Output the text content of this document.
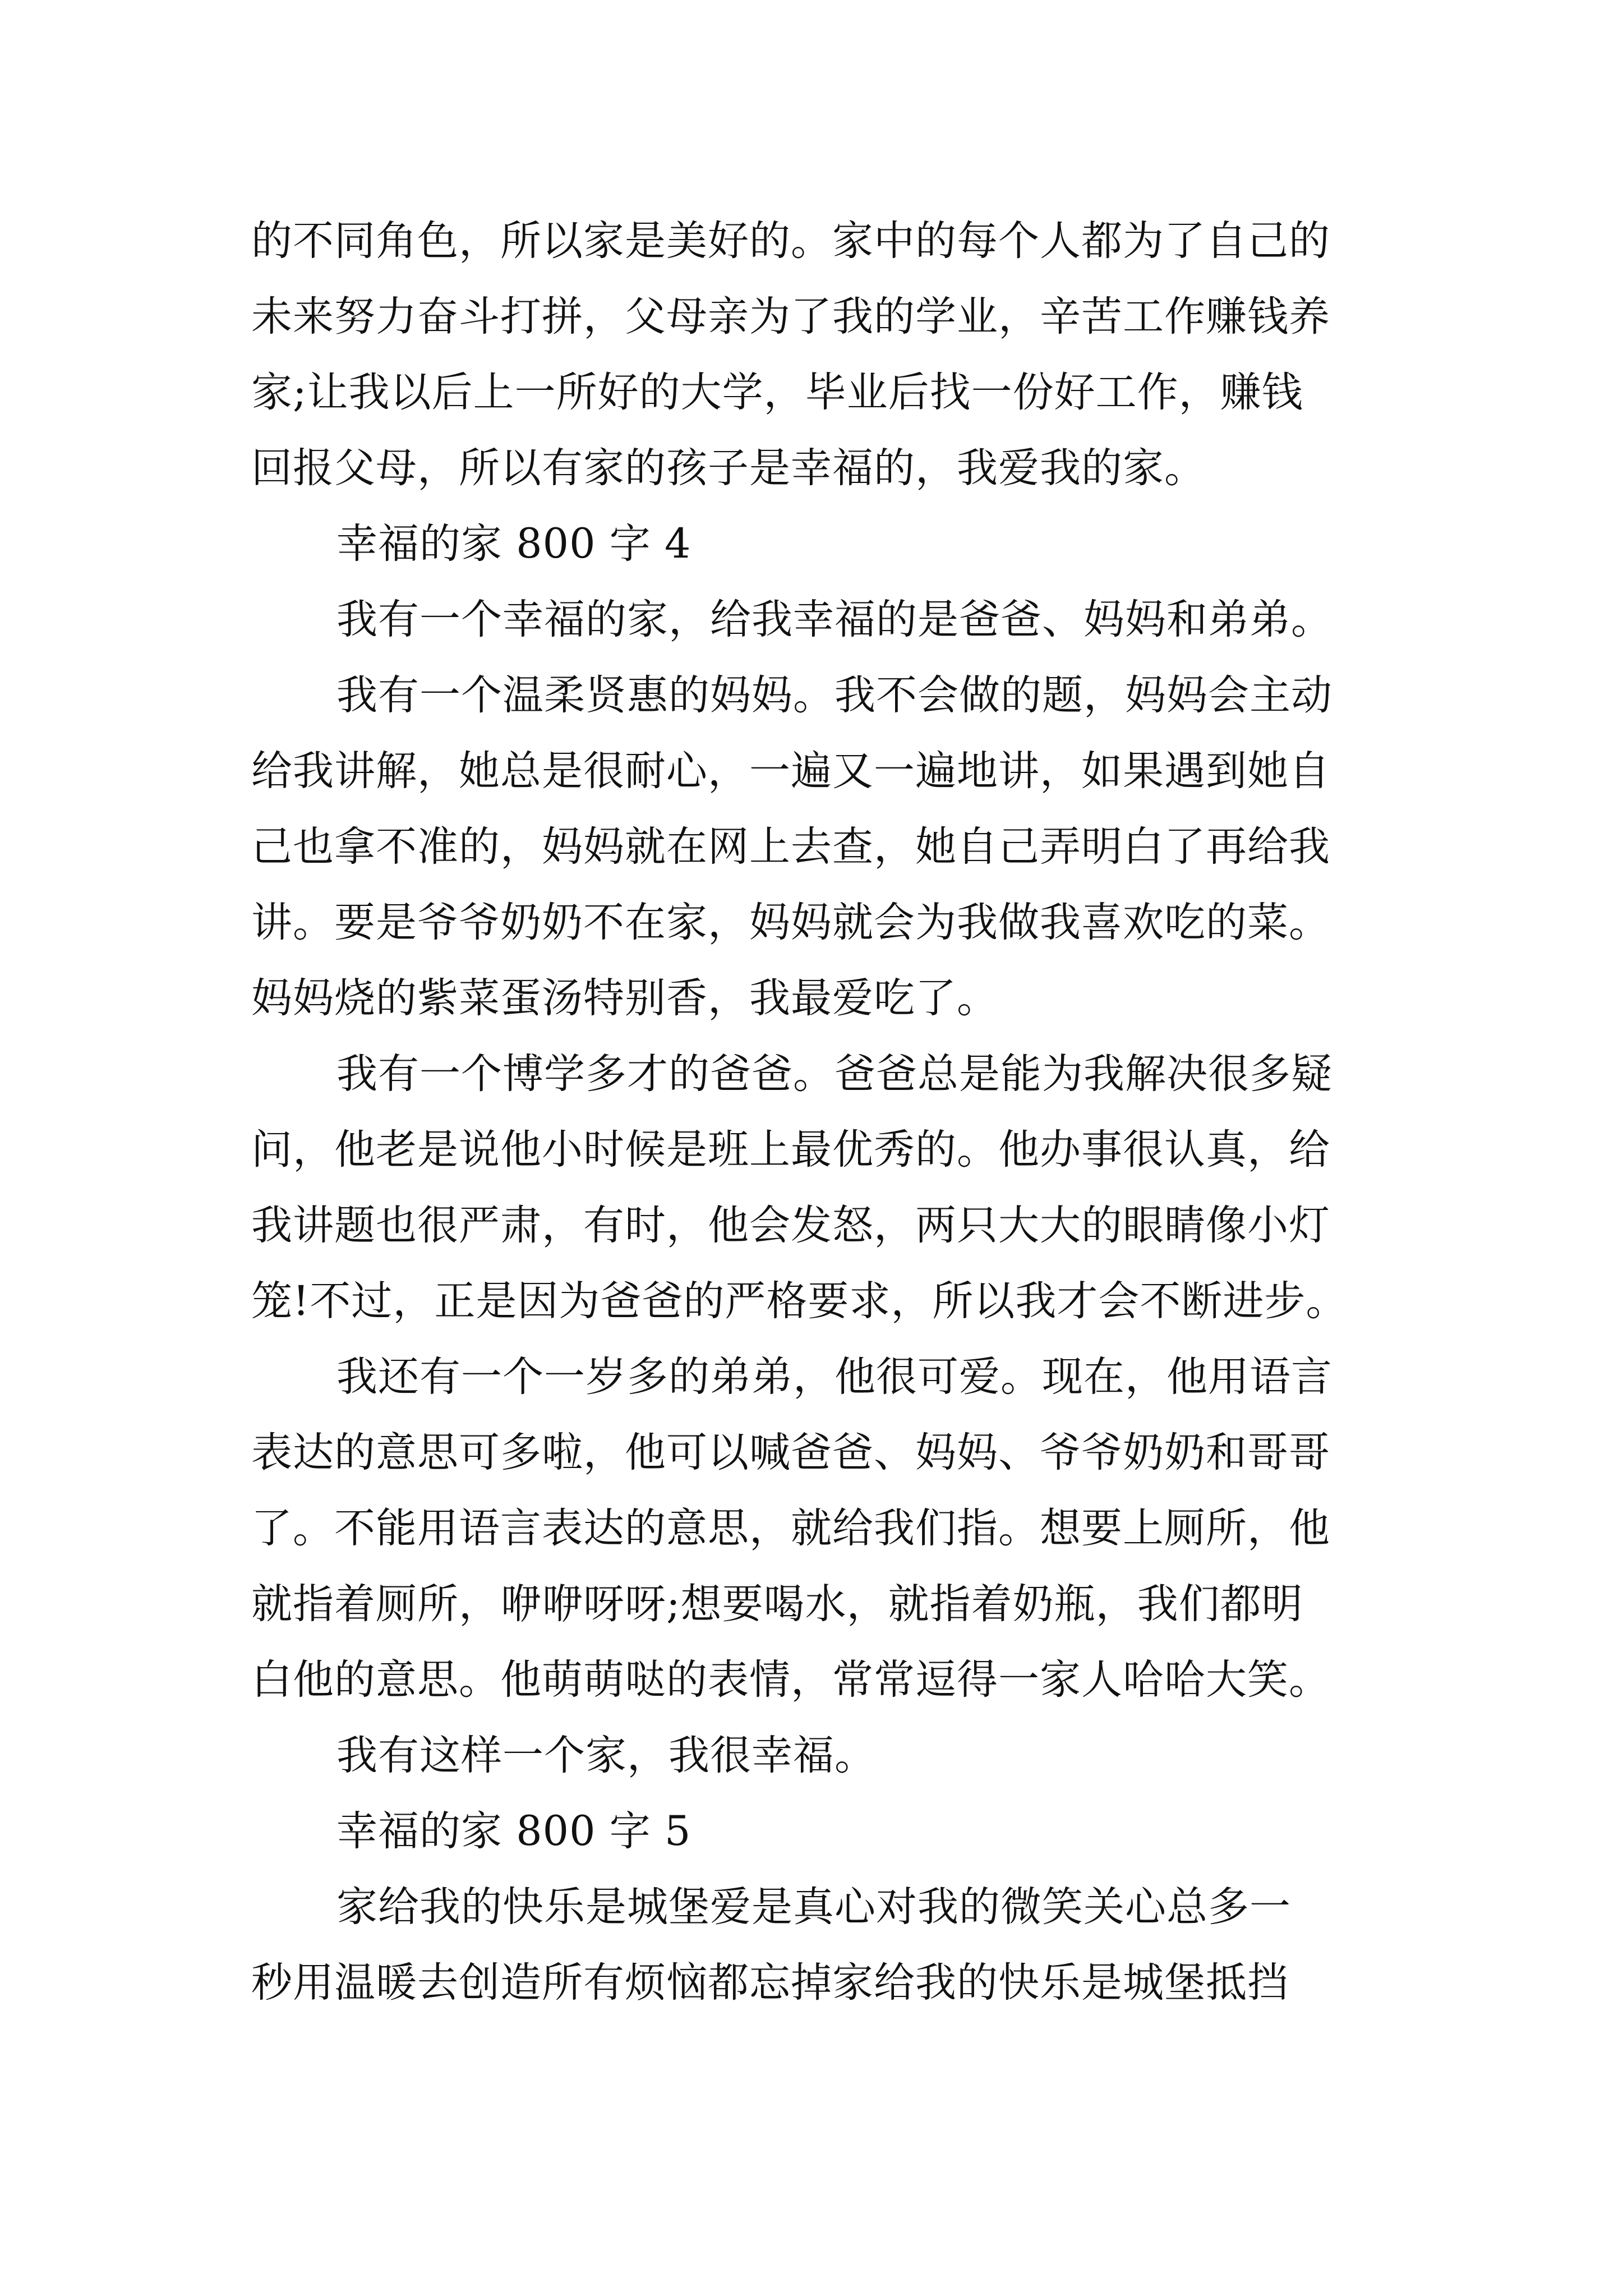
的不同角色，所以家是美好的。家中的每个人都为了自己的
未来努力奋斗打拼，父母亲为了我的学业，辛苦工作赚钱养
家;让我以后上一所好的大学，毕业后找一份好工作，赚钱
回报父母，所以有家的孩子是幸福的，我爱我的家。
幸福的家 800 字 4
我有一个幸福的家，给我幸福的是爸爸、妈妈和弟弟。
我有一个温柔贤惠的妈妈。我不会做的题，妈妈会主动
给我讲解，她总是很耐心，一遍又一遍地讲，如果遇到她自
己也拿不准的，妈妈就在网上去查，她自己弄明白了再给我
讲。要是爷爷奶奶不在家，妈妈就会为我做我喜欢吃的菜。
妈妈烧的紫菜蛋汤特别香，我最爱吃了。
我有一个博学多才的爸爸。爸爸总是能为我解决很多疑
问，他老是说他小时候是班上最优秀的。他办事很认真，给
我讲题也很严肃，有时，他会发怒，两只大大的眼睛像小灯
笼!不过，正是因为爸爸的严格要求，所以我才会不断进步。
我还有一个一岁多的弟弟，他很可爱。现在，他用语言
表达的意思可多啦，他可以喊爸爸、妈妈、爷爷奶奶和哥哥
了。不能用语言表达的意思，就给我们指。想要上厕所，他
就指着厕所，咿咿呀呀;想要喝水，就指着奶瓶，我们都明
白他的意思。他萌萌哒的表情，常常逗得一家人哈哈大笑。
我有这样一个家，我很幸福。
幸福的家 800 字 5
家给我的快乐是城堡爱是真心对我的微笑关心总多一
秒用温暖去创造所有烦恼都忘掉家给我的快乐是城堡抵挡
